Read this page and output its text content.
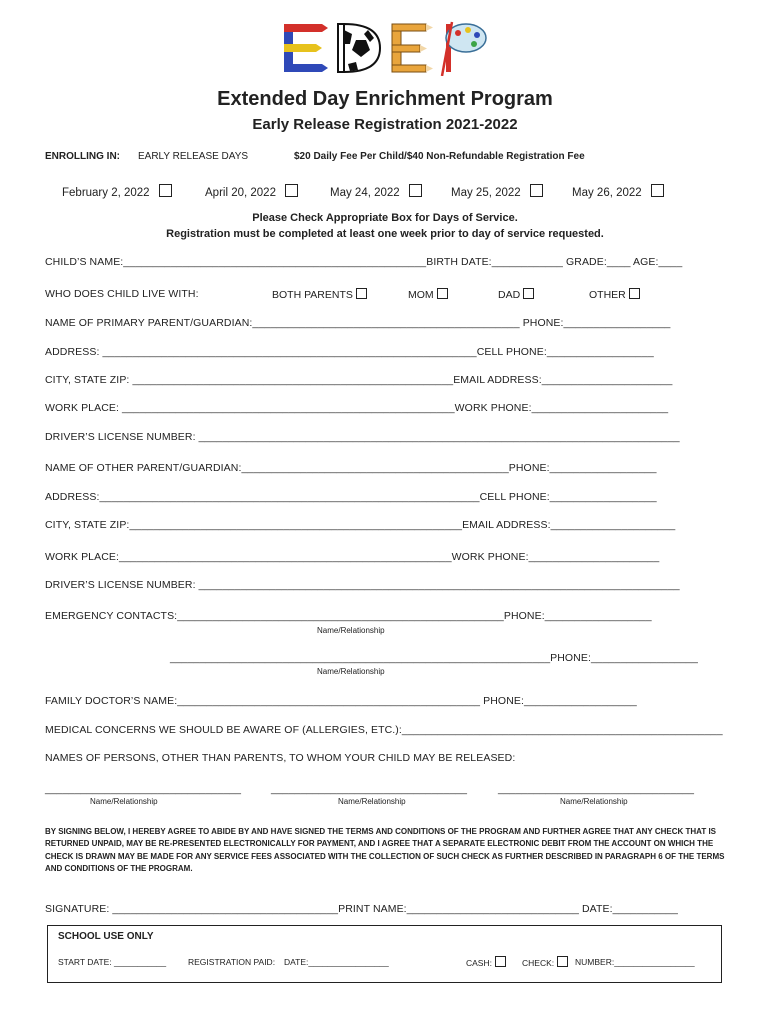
Extended Day Enrichment Program
Early Release Registration 2021-2022
ENROLLING IN: EARLY RELEASE DAYS	$20 Daily Fee Per Child/$40 Non-Refundable Registration Fee
February 2, 2022	April 20, 2022	May 24, 2022	May 25, 2022	May 26, 2022
Please Check Appropriate Box for Days of Service.
Registration must be completed at least one week prior to day of service requested.
CHILD’S NAME:___________________________________________________BIRTH DATE:____________ GRADE:____ AGE:____
WHO DOES CHILD LIVE WITH:	BOTH PARENTS	MOM	DAD	OTHER
NAME OF PRIMARY PARENT/GUARDIAN:_____________________________________________ PHONE:__________________
ADDRESS: _______________________________________________________________CELL PHONE:__________________
CITY, STATE ZIP: ______________________________________________________EMAIL ADDRESS:______________________
WORK PLACE: ________________________________________________________WORK PHONE:_______________________
DRIVER’S LICENSE NUMBER: _________________________________________________________________________________
NAME OF OTHER PARENT/GUARDIAN:_____________________________________________PHONE:__________________
ADDRESS:________________________________________________________________CELL PHONE:__________________
CITY, STATE ZIP:________________________________________________________EMAIL ADDRESS:_____________________
WORK PLACE:________________________________________________________WORK PHONE:______________________
DRIVER’S LICENSE NUMBER: _________________________________________________________________________________
EMERGENCY CONTACTS:_______________________________________________________PHONE:__________________
Name/Relationship
________________________________________________________________PHONE:__________________
Name/Relationship
FAMILY DOCTOR’S NAME:___________________________________________________ PHONE:___________________
MEDICAL CONCERNS WE SHOULD BE AWARE OF (ALLERGIES, ETC.):______________________________________________________
NAMES OF PERSONS, OTHER THAN PARENTS, TO WHOM YOUR CHILD MAY BE RELEASED:
_________________________________	_________________________________	_________________________________
Name/Relationship	Name/Relationship	Name/Relationship
BY SIGNING BELOW, I HEREBY AGREE TO ABIDE BY AND HAVE SIGNED THE TERMS AND CONDITIONS OF THE PROGRAM AND FURTHER AGREE THAT ANY CHECK THAT IS RETURNED UNPAID, MAY BE RE-PRESENTED ELECTRONICALLY FOR PAYMENT, AND I AGREE THAT A SEPARATE ELECTRONIC DEBIT FROM THE ACCOUNT ON WHICH THE CHECK IS DRAWN MAY BE MADE FOR ANY SERVICE FEES ASSOCIATED WITH THE COLLECTION OF SUCH CHECK AS FURTHER DESCRIBED IN PARAGRAPH 6 OF THE TERMS AND CONDITIONS OF THE PROGRAM.
SIGNATURE: ______________________________________PRINT NAME:_____________________________ DATE:___________
SCHOOL USE ONLY
START DATE: ___________	REGISTRATION PAID: DATE:_________________	CASH:	CHECK:	NUMBER:_________________
